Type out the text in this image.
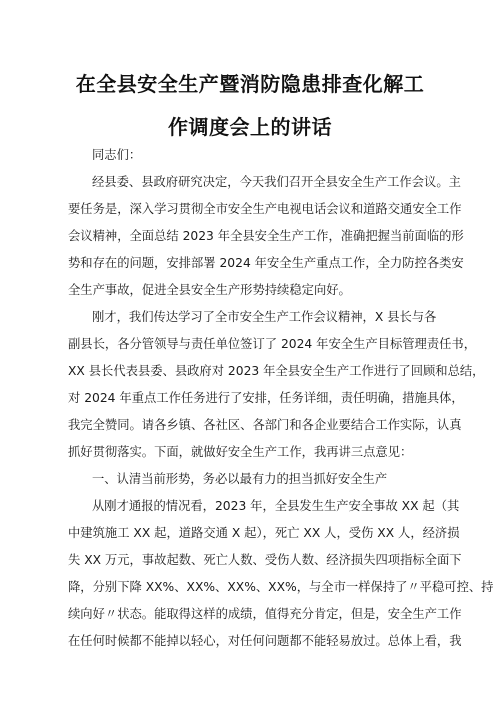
在全县安全生产暨消防隐患排查化解工
作调度会上的讲话
同志们：
经县委、县政府研究决定，今天我们召开全县安全生产工作会议。主
要任务是，深入学习贯彻全市安全生产电视电话会议和道路交通安全工作
会议精神，全面总结 2023 年全县安全生产工作，准确把握当前面临的形
势和存在的问题，安排部署 2024 年安全生产重点工作，全力防控各类安
全生产事故，促进全县安全生产形势持续稳定向好。
刚才，我们传达学习了全市安全生产工作会议精神，X 县长与各
副县长，各分管领导与责任单位签订了 2024 年安全生产目标管理责任书，
XX 县长代表县委、县政府对 2023 年全县安全生产工作进行了回顾和总结，
对 2024 年重点工作任务进行了安排，任务详细，责任明确，措施具体，
我完全赞同。请各乡镇、各社区、各部门和各企业要结合工作实际，认真
抓好贯彻落实。下面，就做好安全生产工作，我再讲三点意见：
一、认清当前形势，务必以最有力的担当抓好安全生产
从刚才通报的情况看，2023 年，全县发生生产安全事故 XX 起（其
中建筑施工 XX 起，道路交通 X 起），死亡 XX 人，受伤 XX 人，经济损
失 XX 万元，事故起数、死亡人数、受伤人数、经济损失四项指标全面下
降，分别下降 XX%、XX%、XX%、XX%，与全市一样保持了〃平稳可控、持
续向好〃状态。能取得这样的成绩，值得充分肯定，但是，安全生产工作
在任何时候都不能掉以轻心，对任何问题都不能轻易放过。总体上看，我
